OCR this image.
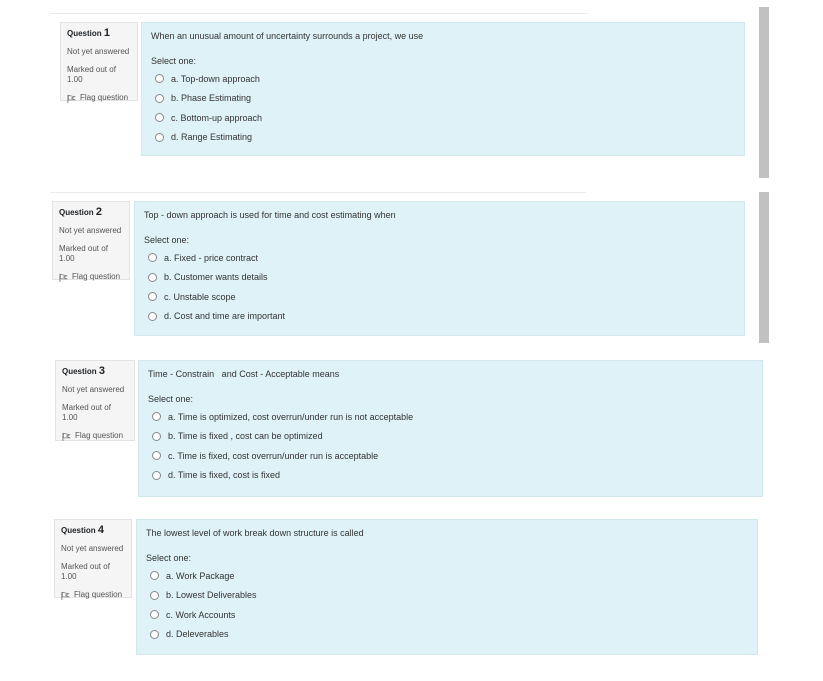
Question 1
Not yet answered
Marked out of 1.00
Flag question
When an unusual amount of uncertainty surrounds a project, we use
Select one:
a. Top-down approach
b. Phase Estimating
c. Bottom-up approach
d. Range Estimating
Question 2
Not yet answered
Marked out of 1.00
Flag question
Top - down approach is used for time and cost estimating when
Select one:
a. Fixed - price contract
b. Customer wants details
c. Unstable scope
d. Cost and time are important
Question 3
Not yet answered
Marked out of 1.00
Flag question
Time - Constrain   and Cost - Acceptable means
Select one:
a. Time is optimized, cost overrun/under run is not acceptable
b. Time is fixed , cost can be optimized
c. Time is fixed, cost overrun/under run is acceptable
d. Time is fixed, cost is fixed
Question 4
Not yet answered
Marked out of 1.00
Flag question
The lowest level of work break down structure is called
Select one:
a. Work Package
b. Lowest Deliverables
c. Work Accounts
d. Deleverables
